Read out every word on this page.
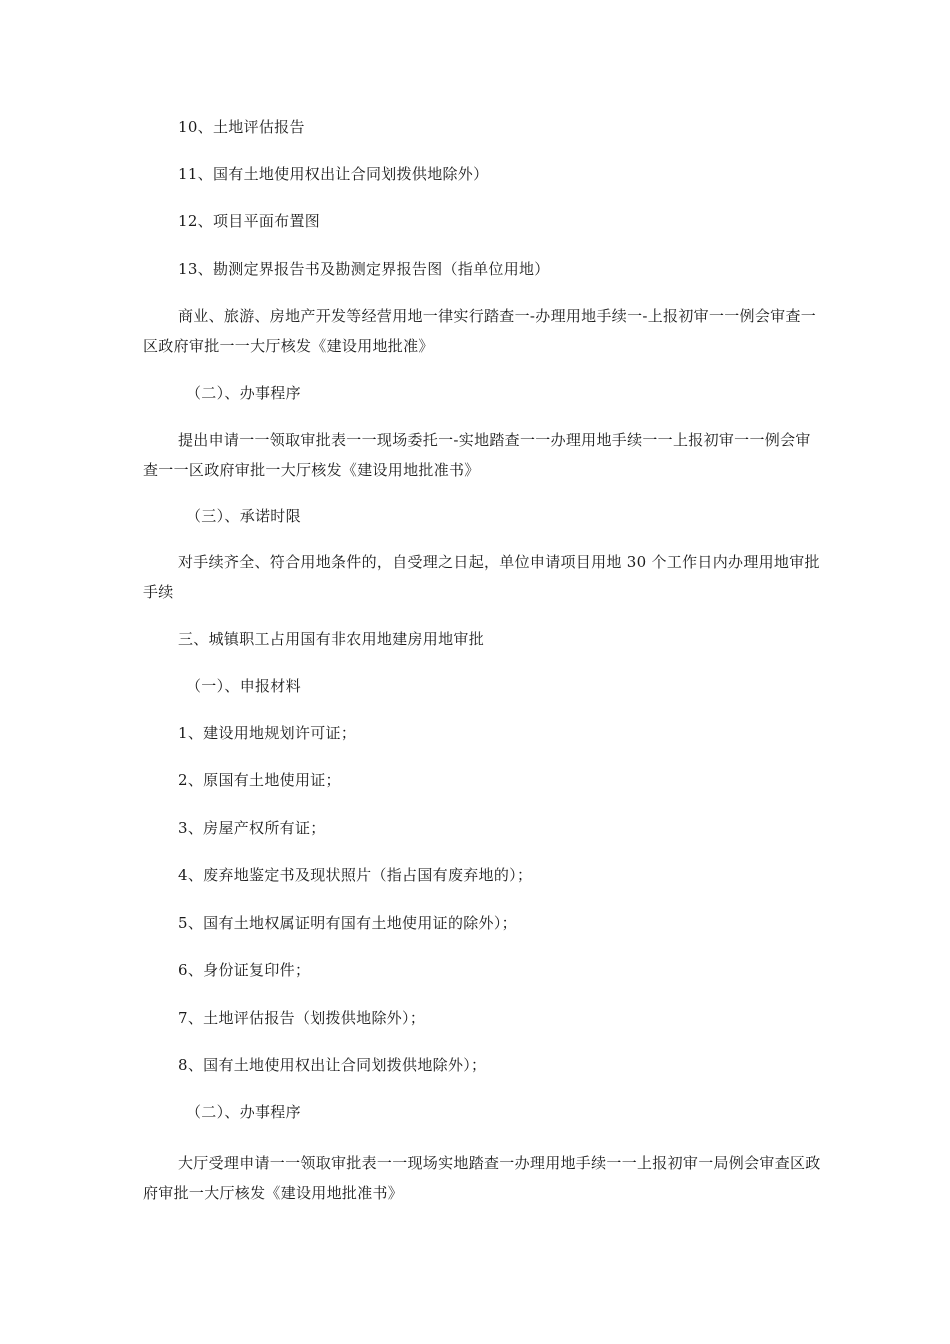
10、土地评估报告

11、国有土地使用权出让合同划拨供地除外）

12、项目平面布置图

13、勘测定界报告书及勘测定界报告图（指单位用地）

商业、旅游、房地产开发等经营用地一律实行踏查一-办理用地手续一-上报初审一一例会审查一区政府审批一一大厅核发《建设用地批准》

（二）、办事程序

提出申请一一领取审批表一一现场委托一-实地踏查一一办理用地手续一一上报初审一一例会审查一一区政府审批一大厅核发《建设用地批准书》

（三）、承诺时限

对手续齐全、符合用地条件的，自受理之日起，单位申请项目用地 30 个工作日内办理用地审批手续

三、城镇职工占用国有非农用地建房用地审批

（一）、申报材料

1、建设用地规划许可证；

2、原国有土地使用证；

3、房屋产权所有证；

4、废弃地鉴定书及现状照片（指占国有废弃地的）；

5、国有土地权属证明有国有土地使用证的除外）；

6、身份证复印件；

7、土地评估报告（划拨供地除外）；

8、国有土地使用权出让合同划拨供地除外）；

（二）、办事程序

大厅受理申请一一领取审批表一一现场实地踏查一办理用地手续一一上报初审一局例会审查区政府审批一大厅核发《建设用地批准书》
